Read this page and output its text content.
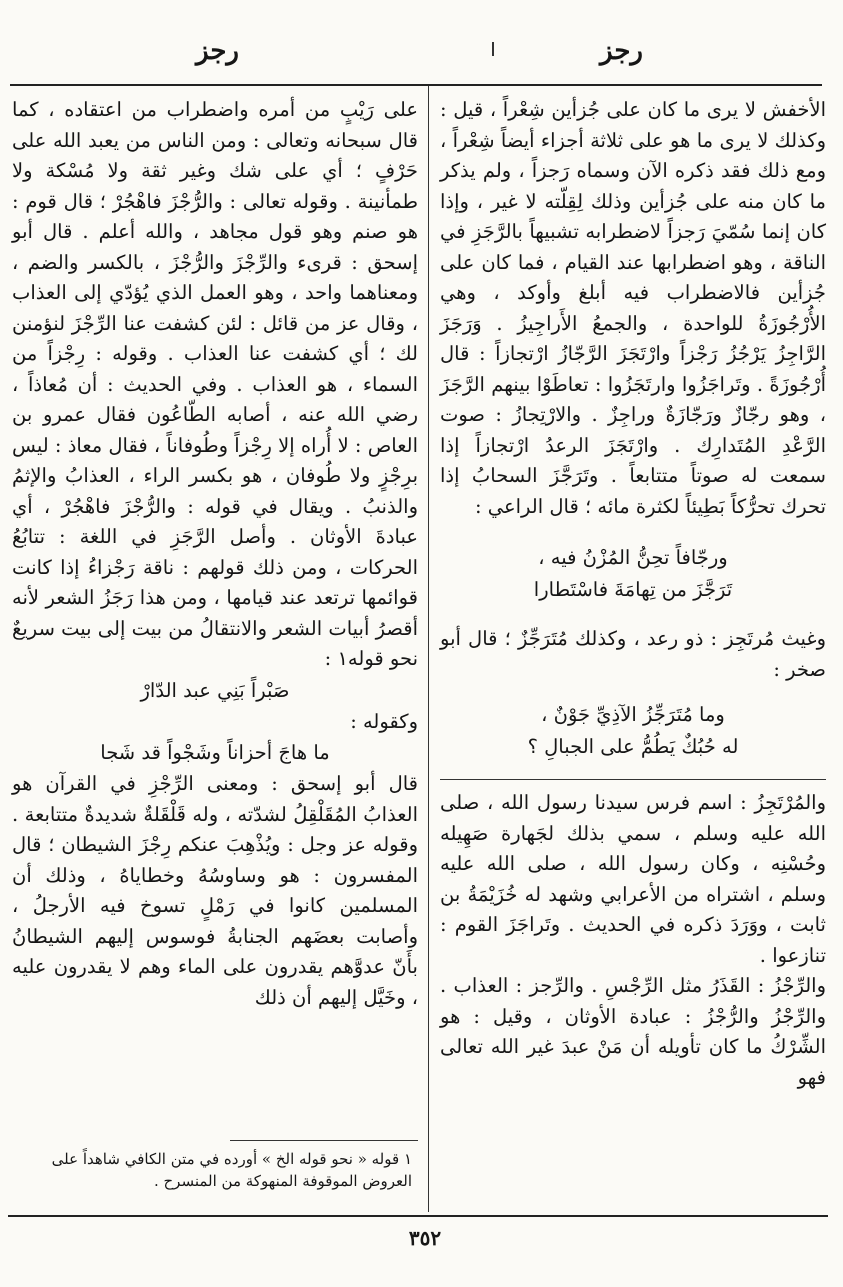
رجز	رجز

الأخفش لا يرى ما كان على جُزأين شِعْراً ، قيل : وكذلك لا يرى ما هو على ثلاثة أجزاء أيضاً شِعْراً ، ومع ذلك فقد ذكره الآن وسماه رَجزاً ، ولم يذكر ما كان منه على جُزأين وذلك لِقِلّته لا غير ، وإذا كان إنما سُمّيَ رَجزاً لاضطرابه تشبيهاً بالرَّجَزِ في الناقة ، وهو اضطرابها عند القيام ، فما كان على جُزأين فالاضطراب فيه أبلغ وأوكد ، وهي الأُرْجُوزَةُ للواحدة ، والجمعُ الأَراجِيزُ . وَرَجَزَ الرَّاجِزُ يَرْجُزُ رَجْزاً وارْتَجَزَ الرَّجّازُ ارْتجازاً : قال أُرْجُوزَةً . وتَراجَزُوا وارتَجَزُوا : تعاطَوْا بينهم الرَّجَزَ ، وهو رجّازٌ ورَجّازَةٌ وراجِزٌ . والارْتِجازُ : صوت الرَّعْدِ المُتَدارِك . وارْتَجَزَ الرعدُ ارْتجازاً إذا سمعت له صوتاً متتابعاً . وتَرَجَّزَ السحابُ إذا تحرك تحرُّكاً بَطِيئاً لكثرة مائه ؛ قال الراعي :

ورجّافاً تحِنُّ المُزْنُ فيه ،

تَرَجَّزَ من تِهامَةَ فاسْتَطارا

وغيث مُرتَجِز : ذو رعد ، وكذلك مُتَرَجِّزٌ ؛ قال أبو صخر :

وما مُتَرَجِّزُ الآذِيِّ جَوْنٌ ،

له حُبُكٌ يَطُمُّ على الجبالِ ؟

والمُرْتَجِزُ : اسم فرس سيدنا رسول الله ، صلى الله عليه وسلم ، سمي بذلك لجَهارة صَهِيله وحُسْنِه ، وكان رسول الله ، صلى الله عليه وسلم ، اشتراه من الأعرابي وشهد له خُزَيْمَةُ بن ثابت ، ووَرَدَ ذكره في الحديث . وتَراجَزَ القوم : تنازعوا .

والرِّجْزُ : القَذَرُ مثل الرِّجْسِ . والرِّجز : العذاب . والرِّجْزُ والرُّجْزُ : عبادة الأوثان ، وقيل : هو الشِّرْكُ ما كان تأويله أن مَنْ عبدَ غير الله تعالى فهو

على رَيْبٍ من أمره واضطراب من اعتقاده ، كما قال سبحانه وتعالى : ومن الناس من يعبد الله على حَرْفٍ ؛ أي على شك وغير ثقة ولا مُسْكة ولا طمأنينة . وقوله تعالى : والرُّجْزَ فاهْجُرْ ؛ قال قوم : هو صنم وهو قول مجاهد ، والله أعلم . قال أبو إسحق : قرىء والرِّجْزَ والرُّجْزَ ، بالكسر والضم ، ومعناهما واحد ، وهو العمل الذي يُؤدّي إلى العذاب ، وقال عز من قائل : لئن كشفت عنا الرِّجْزَ لنؤمنن لك ؛ أي كشفت عنا العذاب . وقوله : رِجْزاً من السماء ، هو العذاب . وفي الحديث : أن مُعاذاً ، رضي الله عنه ، أصابه الطّاعُون فقال عمرو بن العاص : لا أُراه إلا رِجْزاً وطُوفاناً ، فقال معاذ : ليس برِجْزٍ ولا طُوفان ، هو بكسر الراء ، العذابُ والإثمُ والذنبُ . ويقال في قوله : والرُّجْزَ فاهْجُرْ ، أي عبادةَ الأوثان . وأصل الرَّجَزِ في اللغة : تتابُعُ الحركات ، ومن ذلك قولهم : ناقة رَجْزاءُ إذا كانت قوائمها ترتعد عند قيامها ، ومن هذا رَجَزُ الشعر لأنه أقصرُ أبيات الشعر والانتقالُ من بيت إلى بيت سريعٌ نحو قوله١ :

صَبْراً بَنِي عبد الدّارْ

وكقوله :

ما هاجَ أحزاناً وشَجْواً قد شَجا

قال أبو إسحق : ومعنى الرِّجْزِ في القرآن هو العذابُ المُقَلْقِلُ لشدّته ، وله قَلْقَلةٌ شديدةٌ متتابعة . وقوله عز وجل : ويُذْهِبَ عنكم رِجْزَ الشيطان ؛ قال المفسرون : هو وساوسُهُ وخطاياهُ ، وذلك أن المسلمين كانوا في رَمْلٍ تسوخ فيه الأرجلُ ، وأصابت بعضَهم الجنابةُ فوسوس إليهم الشيطانُ بأَنّ عدوَّهم يقدرون على الماء وهم لا يقدرون عليه ، وخَيَّل إليهم أن ذلك

١ قوله « نحو قوله الخ » أورده في متن الكافي شاهداً على العروض الموقوفة المنهوكة من المنسرح .
٣٥٢
